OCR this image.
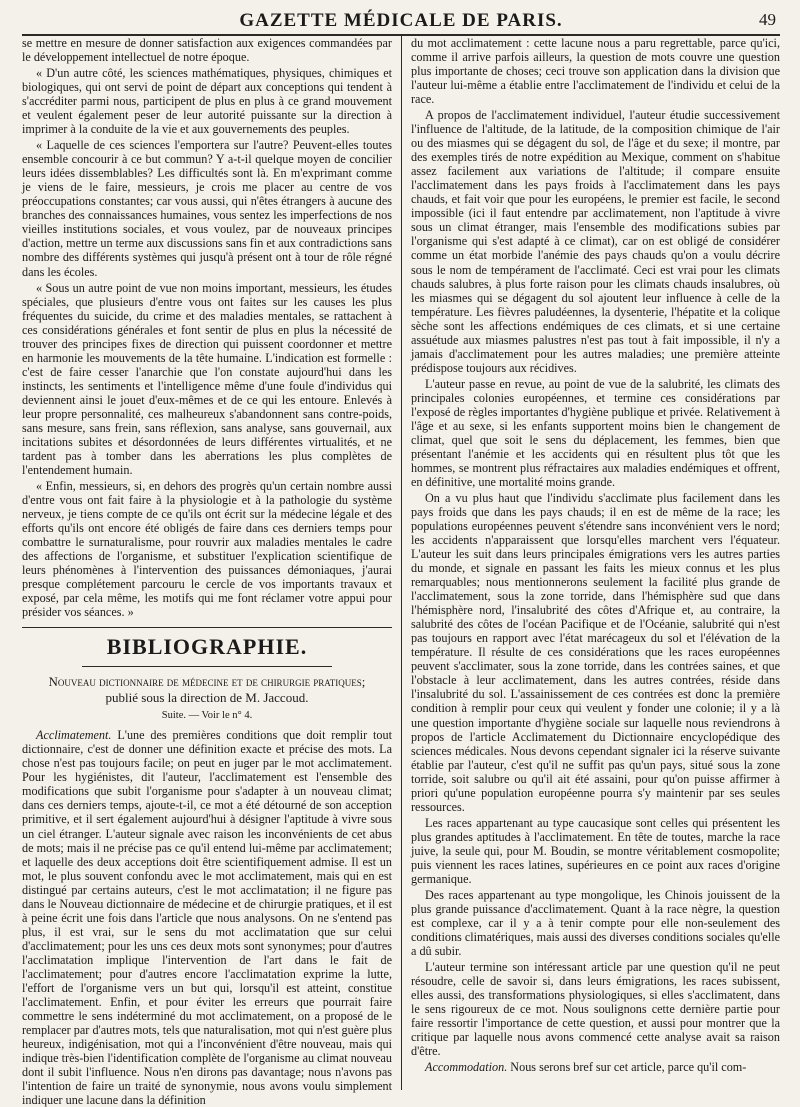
GAZETTE MÉDICALE DE PARIS.	49

se mettre en mesure de donner satisfaction aux exigences commandées par le développement intellectuel de notre époque.

« D'un autre côté, les sciences mathématiques, physiques, chimiques et biologiques, qui ont servi de point de départ aux conceptions qui tendent à s'accréditer parmi nous, participent de plus en plus à ce grand mouvement et veulent également peser de leur autorité puissante sur la direction à imprimer à la conduite de la vie et aux gouvernements des peuples.

« Laquelle de ces sciences l'emportera sur l'autre? Peuvent-elles toutes ensemble concourir à ce but commun? Y a-t-il quelque moyen de concilier leurs idées dissemblables? Les difficultés sont là. En m'exprimant comme je viens de le faire, messieurs, je crois me placer au centre de vos préoccupations constantes; car vous aussi, qui n'êtes étrangers à aucune des branches des connaissances humaines, vous sentez les imperfections de nos vieilles institutions sociales, et vous voulez, par de nouveaux principes d'action, mettre un terme aux discussions sans fin et aux contradictions sans nombre des différents systèmes qui jusqu'à présent ont à tour de rôle régné dans les écoles.

« Sous un autre point de vue non moins important, messieurs, les études spéciales, que plusieurs d'entre vous ont faites sur les causes les plus fréquentes du suicide, du crime et des maladies mentales, se rattachent à ces considérations générales et font sentir de plus en plus la nécessité de trouver des principes fixes de direction qui puissent coordonner et mettre en harmonie les mouvements de la tête humaine. L'indication est formelle : c'est de faire cesser l'anarchie que l'on constate aujourd'hui dans les instincts, les sentiments et l'intelligence même d'une foule d'individus qui deviennent ainsi le jouet d'eux-mêmes et de ce qui les entoure. Enlevés à leur propre personnalité, ces malheureux s'abandonnent sans contre-poids, sans mesure, sans frein, sans réflexion, sans analyse, sans gouvernail, aux incitations subites et désordonnées de leurs différentes virtualités, et ne tardent pas à tomber dans les aberrations les plus complètes de l'entendement humain.

« Enfin, messieurs, si, en dehors des progrès qu'un certain nombre aussi d'entre vous ont fait faire à la physiologie et à la pathologie du système nerveux, je tiens compte de ce qu'ils ont écrit sur la médecine légale et des efforts qu'ils ont encore été obligés de faire dans ces derniers temps pour combattre le surnaturalisme, pour rouvrir aux maladies mentales le cadre des affections de l'organisme, et substituer l'explication scientifique de leurs phénomènes à l'intervention des puissances démoniaques, j'aurai presque complétement parcouru le cercle de vos importants travaux et exposé, par cela même, les motifs qui me font réclamer votre appui pour présider vos séances. »

BIBLIOGRAPHIE.
Nouveau dictionnaire de médecine et de chirurgie pratiques;
publié sous la direction de M. Jaccoud.
Suite. — Voir le n° 4.

Acclimatement. L'une des premières conditions que doit remplir tout dictionnaire, c'est de donner une définition exacte et précise des mots. La chose n'est pas toujours facile; on peut en juger par le mot acclimatement. Pour les hygiénistes, dit l'auteur, l'acclimatement est l'ensemble des modifications que subit l'organisme pour s'adapter à un nouveau climat; dans ces derniers temps, ajoute-t-il, ce mot a été détourné de son acception primitive, et il sert également aujourd'hui à désigner l'aptitude à vivre sous un ciel étranger. L'auteur signale avec raison les inconvénients de cet abus de mots; mais il ne précise pas ce qu'il entend lui-même par acclimatement; et laquelle des deux acceptions doit être scientifiquement admise. Il est un mot, le plus souvent confondu avec le mot acclimatement, mais qui en est distingué par certains auteurs, c'est le mot acclimatation; il ne figure pas dans le Nouveau dictionnaire de médecine et de chirurgie pratiques, et il est à peine écrit une fois dans l'article que nous analysons. On ne s'entend pas plus, il est vrai, sur le sens du mot acclimatation que sur celui d'acclimatement; pour les uns ces deux mots sont synonymes; pour d'autres l'acclimatation implique l'intervention de l'art dans le fait de l'acclimatement; pour d'autres encore l'acclimatation exprime la lutte, l'effort de l'organisme vers un but qui, lorsqu'il est atteint, constitue l'acclimatement. Enfin, et pour éviter les erreurs que pourrait faire commettre le sens indéterminé du mot acclimatement, on a proposé de le remplacer par d'autres mots, tels que naturalisation, mot qui n'est guère plus heureux, indigénisation, mot qui a l'inconvénient d'être nouveau, mais qui indique très-bien l'identification complète de l'organisme au climat nouveau dont il subit l'influence. Nous n'en dirons pas davantage; nous n'avons pas l'intention de faire un traité de synonymie, nous avons voulu simplement indiquer une lacune dans la définition

du mot acclimatement : cette lacune nous a paru regrettable, parce qu'ici, comme il arrive parfois ailleurs, la question de mots couvre une question plus importante de choses; ceci trouve son application dans la division que l'auteur lui-même a établie entre l'acclimatement de l'individu et celui de la race.

A propos de l'acclimatement individuel, l'auteur étudie successivement l'influence de l'altitude, de la latitude, de la composition chimique de l'air ou des miasmes qui se dégagent du sol, de l'âge et du sexe; il montre, par des exemples tirés de notre expédition au Mexique, comment on s'habitue assez facilement aux variations de l'altitude; il compare ensuite l'acclimatement dans les pays froids à l'acclimatement dans les pays chauds, et fait voir que pour les européens, le premier est facile, le second impossible (ici il faut entendre par acclimatement, non l'aptitude à vivre sous un climat étranger, mais l'ensemble des modifications subies par l'organisme qui s'est adapté à ce climat), car on est obligé de considérer comme un état morbide l'anémie des pays chauds qu'on a voulu décrire sous le nom de tempérament de l'acclimaté. Ceci est vrai pour les climats chauds salubres, à plus forte raison pour les climats chauds insalubres, où les miasmes qui se dégagent du sol ajoutent leur influence à celle de la température. Les fièvres paludéennes, la dysenterie, l'hépatite et la colique sèche sont les affections endémiques de ces climats, et si une certaine assuétude aux miasmes palustres n'est pas tout à fait impossible, il n'y a jamais d'acclimatement pour les autres maladies; une première atteinte prédispose toujours aux récidives.

L'auteur passe en revue, au point de vue de la salubrité, les climats des principales colonies européennes, et termine ces considérations par l'exposé de règles importantes d'hygiène publique et privée. Relativement à l'âge et au sexe, si les enfants supportent moins bien le changement de climat, quel que soit le sens du déplacement, les femmes, bien que présentant l'anémie et les accidents qui en résultent plus tôt que les hommes, se montrent plus réfractaires aux maladies endémiques et offrent, en définitive, une mortalité moins grande.

On a vu plus haut que l'individu s'acclimate plus facilement dans les pays froids que dans les pays chauds; il en est de même de la race; les populations européennes peuvent s'étendre sans inconvénient vers le nord; les accidents n'apparaissent que lorsqu'elles marchent vers l'équateur. L'auteur les suit dans leurs principales émigrations vers les autres parties du monde, et signale en passant les faits les mieux connus et les plus remarquables; nous mentionnerons seulement la facilité plus grande de l'acclimatement, sous la zone torride, dans l'hémisphère sud que dans l'hémisphère nord, l'insalubrité des côtes d'Afrique et, au contraire, la salubrité des côtes de l'océan Pacifique et de l'Océanie, salubrité qui n'est pas toujours en rapport avec l'état marécageux du sol et l'élévation de la température. Il résulte de ces considérations que les races européennes peuvent s'acclimater, sous la zone torride, dans les contrées saines, et que l'obstacle à leur acclimatement, dans les autres contrées, réside dans l'insalubrité du sol. L'assainissement de ces contrées est donc la première condition à remplir pour ceux qui veulent y fonder une colonie; il y a là une question importante d'hygiène sociale sur laquelle nous reviendrons à propos de l'article Acclimatement du Dictionnaire encyclopédique des sciences médicales. Nous devons cependant signaler ici la réserve suivante établie par l'auteur, c'est qu'il ne suffit pas qu'un pays, situé sous la zone torride, soit salubre ou qu'il ait été assaini, pour qu'on puisse affirmer à priori qu'une population européenne pourra s'y maintenir par ses seules ressources.

Les races appartenant au type caucasique sont celles qui présentent les plus grandes aptitudes à l'acclimatement. En tête de toutes, marche la race juive, la seule qui, pour M. Boudin, se montre véritablement cosmopolite; puis viennent les races latines, supérieures en ce point aux races d'origine germanique.

Des races appartenant au type mongolique, les Chinois jouissent de la plus grande puissance d'acclimatement. Quant à la race nègre, la question est complexe, car il y a à tenir compte pour elle non-seulement des conditions climatériques, mais aussi des diverses conditions sociales qu'elle a dû subir.

L'auteur termine son intéressant article par une question qu'il ne peut résoudre, celle de savoir si, dans leurs émigrations, les races subissent, elles aussi, des transformations physiologiques, si elles s'acclimatent, dans le sens rigoureux de ce mot. Nous soulignons cette dernière partie pour faire ressortir l'importance de cette question, et aussi pour montrer que la critique par laquelle nous avons commencé cette analyse avait sa raison d'être.

Accommodation. Nous serons bref sur cet article, parce qu'il com-
